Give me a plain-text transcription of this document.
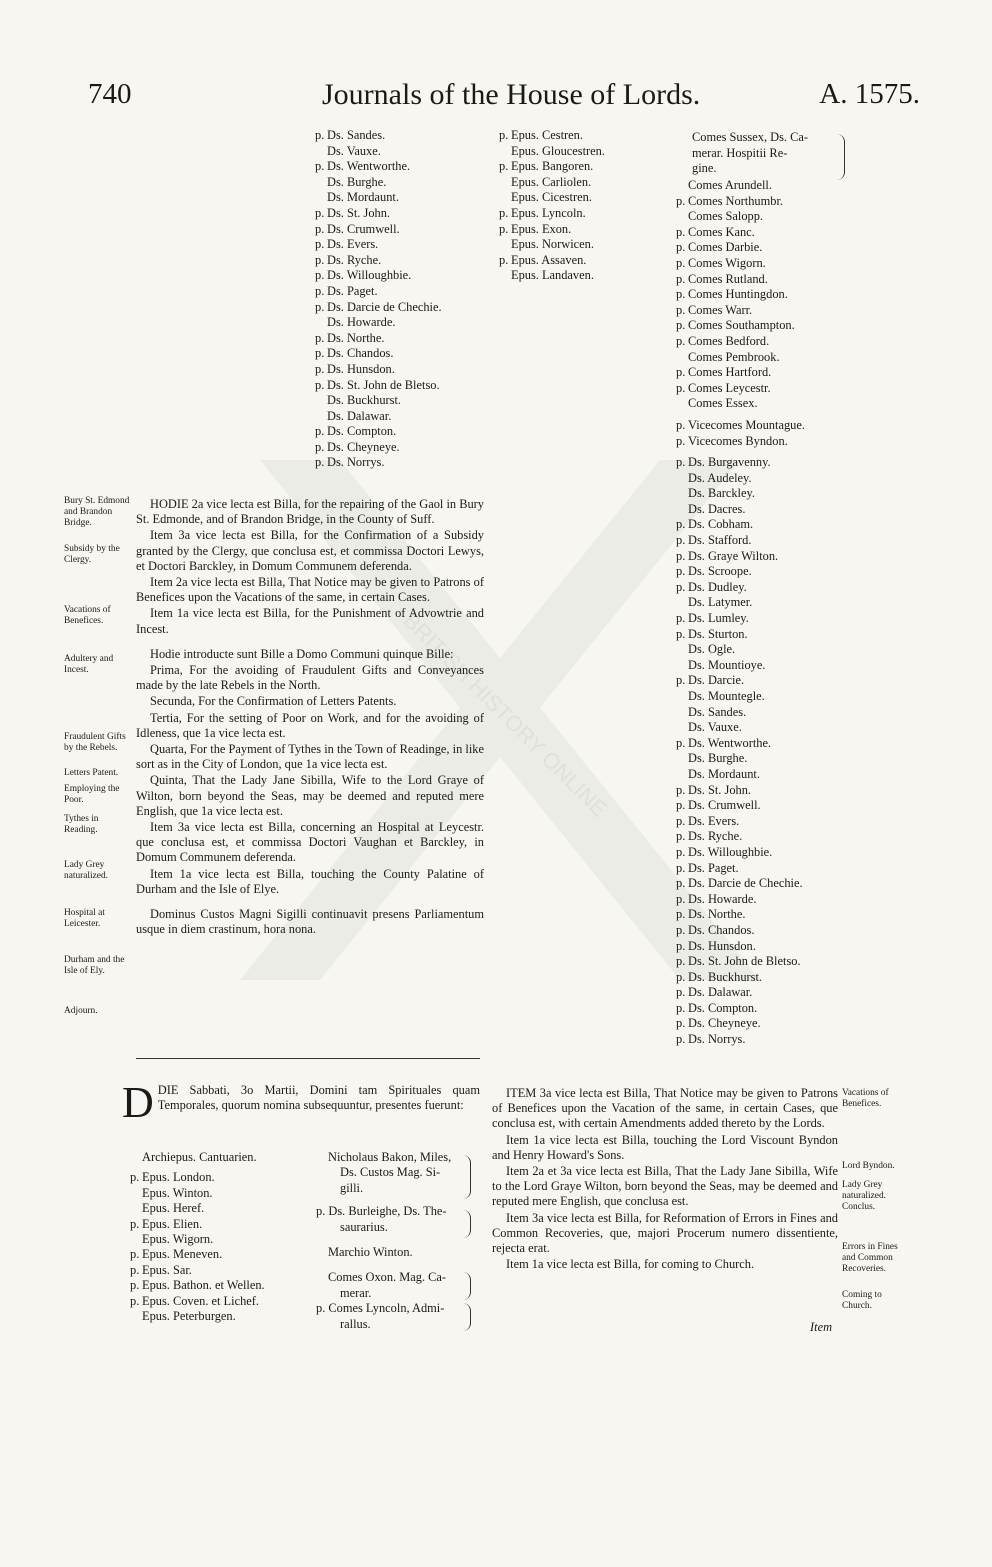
740	Journals of the House of Lords.	A. 1575.
BRITISH HISTORY ONLINE
p. Ds. Sandes.
Ds. Vauxe.
p. Ds. Wentworthe.
Ds. Burghe.
Ds. Mordaunt.
p. Ds. St. John.
p. Ds. Crumwell.
p. Ds. Evers.
p. Ds. Ryche.
p. Ds. Willoughbie.
p. Ds. Paget.
p. Ds. Darcie de Chechie.
Ds. Howarde.
p. Ds. Northe.
p. Ds. Chandos.
p. Ds. Hunsdon.
p. Ds. St. John de Bletso.
Ds. Buckhurst.
Ds. Dalawar.
p. Ds. Compton.
p. Ds. Cheyneye.
p. Ds. Norrys.
p. Epus. Cestren.
Epus. Gloucestren.
p. Epus. Bangoren.
Epus. Carliolen.
Epus. Cicestren.
p. Epus. Lyncoln.
p. Epus. Exon.
Epus. Norwicen.
p. Epus. Assaven.
Epus. Landaven.
Comes Sussex, Ds. Ca-
merar. Hospitii Re-
gine.
Comes Arundell.
p. Comes Northumbr.
Comes Salopp.
p. Comes Kanc.
p. Comes Darbie.
p. Comes Wigorn.
p. Comes Rutland.
p. Comes Huntingdon.
p. Comes Warr.
p. Comes Southampton.
p. Comes Bedford.
Comes Pembrook.
p. Comes Hartford.
p. Comes Leycestr.
Comes Essex.
p. Vicecomes Mountague.
p. Vicecomes Byndon.
p. Ds. Burgavenny.
Ds. Audeley.
Ds. Barckley.
Ds. Dacres.
p. Ds. Cobham.
p. Ds. Stafford.
p. Ds. Graye Wilton.
p. Ds. Scroope.
p. Ds. Dudley.
Ds. Latymer.
p. Ds. Lumley.
p. Ds. Sturton.
Ds. Ogle.
Ds. Mountioye.
p. Ds. Darcie.
Ds. Mountegle.
Ds. Sandes.
Ds. Vauxe.
p. Ds. Wentworthe.
Ds. Burghe.
Ds. Mordaunt.
p. Ds. St. John.
p. Ds. Crumwell.
p. Ds. Evers.
p. Ds. Ryche.
p. Ds. Willoughbie.
p. Ds. Paget.
p. Ds. Darcie de Chechie.
p. Ds. Howarde.
p. Ds. Northe.
p. Ds. Chandos.
p. Ds. Hunsdon.
p. Ds. St. John de Bletso.
p. Ds. Buckhurst.
p. Ds. Dalawar.
p. Ds. Compton.
p. Ds. Cheyneye.
p. Ds. Norrys.
Bury St. Edmond and Brandon Bridge.
Subsidy by the Clergy.
Vacations of Benefices.
Adultery and Incest.
Fraudulent Gifts by the Rebels.
Letters Patent.
Employing the Poor.
Tythes in Reading.
Lady Grey naturalized.
Hospital at Leicester.
Durham and the Isle of Ely.
Adjourn.

HODIE 2a vice lecta est Billa, for the repairing of the Gaol in Bury St. Edmonde, and of Brandon Bridge, in the County of Suff.

Item 3a vice lecta est Billa, for the Confirmation of a Subsidy granted by the Clergy, que conclusa est, et commissa Doctori Lewys, et Doctori Barckley, in Domum Communem deferenda.

Item 2a vice lecta est Billa, That Notice may be given to Patrons of Benefices upon the Vacations of the same, in certain Cases.

Item 1a vice lecta est Billa, for the Punishment of Advowtrie and Incest.

Hodie introducte sunt Bille a Domo Communi quinque Bille:

Prima, For the avoiding of Fraudulent Gifts and Conveyances made by the late Rebels in the North.

Secunda, For the Confirmation of Letters Patents.

Tertia, For the setting of Poor on Work, and for the avoiding of Idleness, que 1a vice lecta est.

Quarta, For the Payment of Tythes in the Town of Readinge, in like sort as in the City of London, que 1a vice lecta est.

Quinta, That the Lady Jane Sibilla, Wife to the Lord Graye of Wilton, born beyond the Seas, may be deemed and reputed mere English, que 1a vice lecta est.

Item 3a vice lecta est Billa, concerning an Hospital at Leycestr. que conclusa est, et commissa Doctori Vaughan et Barckley, in Domum Communem deferenda.

Item 1a vice lecta est Billa, touching the County Palatine of Durham and the Isle of Elye.

Dominus Custos Magni Sigilli continuavit presens Parliamentum usque in diem crastinum, hora nona.

DDIE Sabbati, 3o Martii, Domini tam Spirituales quam Temporales, quorum nomina subsequuntur, presentes fuerunt:
Archiepus. Cantuarien.
p. Epus. London.
Epus. Winton.
Epus. Heref.
p. Epus. Elien.
Epus. Wigorn.
p. Epus. Meneven.
p. Epus. Sar.
p. Epus. Bathon. et Wellen.
p. Epus. Coven. et Lichef.
Epus. Peterburgen.
Nicholaus Bakon, Miles,
Ds. Custos Mag. Si-
gilli.
p. Ds. Burleighe, Ds. The-
saurarius.
Marchio Winton.
Comes Oxon. Mag. Ca-
merar.
p. Comes Lyncoln, Admi-
rallus.

ITEM 3a vice lecta est Billa, That Notice may be given to Patrons of Benefices upon the Vacation of the same, in certain Cases, que conclusa est, with certain Amendments added thereto by the Lords.

Item 1a vice lecta est Billa, touching the Lord Viscount Byndon and Henry Howard's Sons.

Item 2a et 3a vice lecta est Billa, That the Lady Jane Sibilla, Wife to the Lord Graye Wilton, born beyond the Seas, may be deemed and reputed mere English, que conclusa est.

Item 3a vice lecta est Billa, for Reformation of Errors in Fines and Common Recoveries, que, majori Procerum numero dissentiente, rejecta erat.

Item 1a vice lecta est Billa, for coming to Church.

Vacations of Benefices.
Lord Byndon.
Lady Grey naturalized. Conclus.
Errors in Fines and Common Recoveries.
Coming to Church.
Item
